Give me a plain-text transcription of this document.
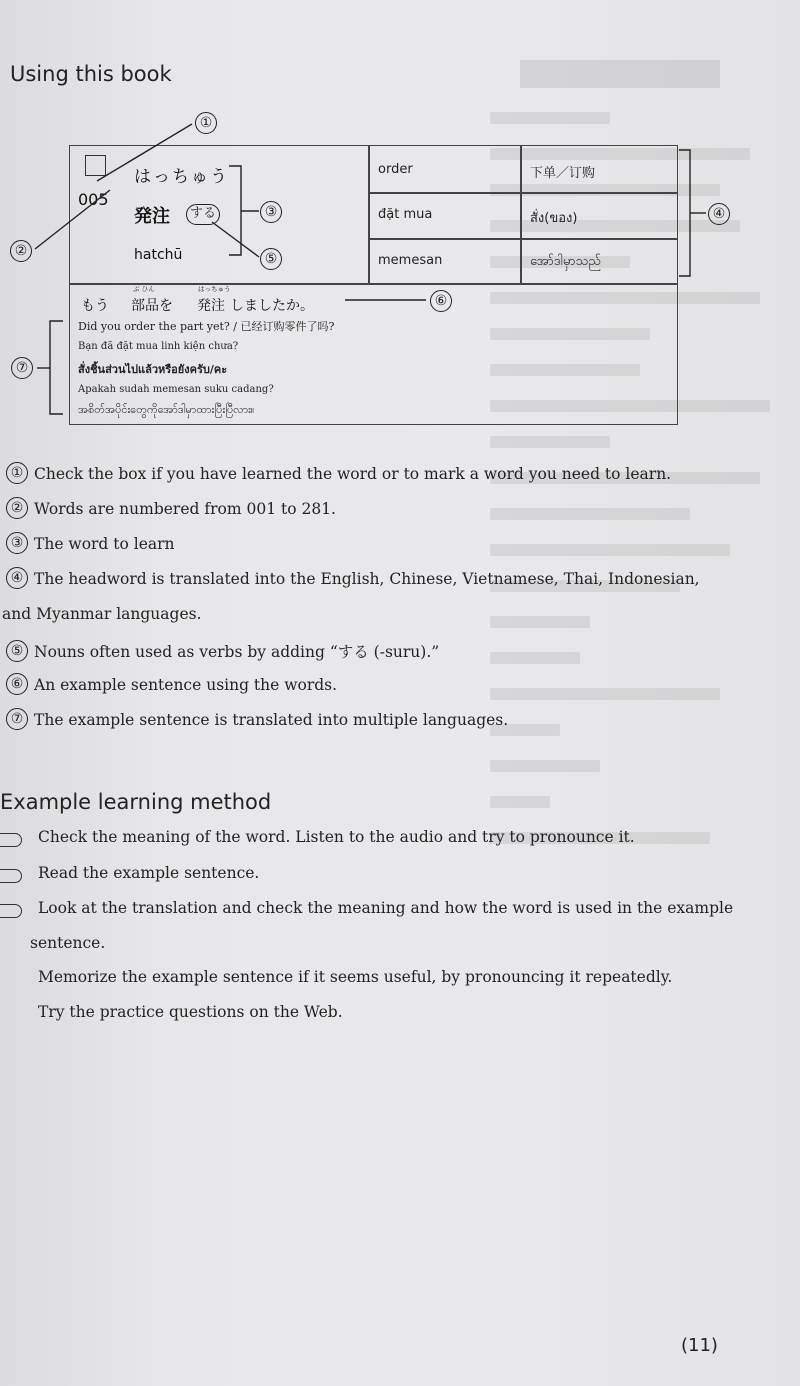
Using this book
005
はっちゅう
発注	する
hatchū
order	下单／订购
đặt mua	สั่ง(ของ)
memesan	အော်ဒါမှာသည်
もう
ぶ ひん
部品を
はっちゅう
発注 しましたか。
Did you order the part yet? / 已经订购零件了吗?
Bạn đã đặt mua linh kiện chưa?
สั่งชิ้นส่วนไปแล้วหรือยังครับ/คะ
Apakah sudah memesan suku cadang?
အစိတ်အပိုင်းတွေကိုအော်ဒါမှာထားပြီးပြီလား။
①
②
③	④
⑤
⑥
⑦
① Check the box if you have learned the word or to mark a word you need to learn.
② Words are numbered from 001 to 281.
③ The word to learn
④ The headword is translated into the English, Chinese, Vietnamese, Thai, Indonesian,
and Myanmar languages.
⑤ Nouns often used as verbs by adding “する (-suru).”
⑥ An example sentence using the words.
⑦ The example sentence is translated into multiple languages.
Example learning method
Check the meaning of the word. Listen to the audio and try to pronounce it.
Read the example sentence.
Look at the translation and check the meaning and how the word is used in the example
sentence.
Memorize the example sentence if it seems useful, by pronouncing it repeatedly.
Try the practice questions on the Web.
(11)
